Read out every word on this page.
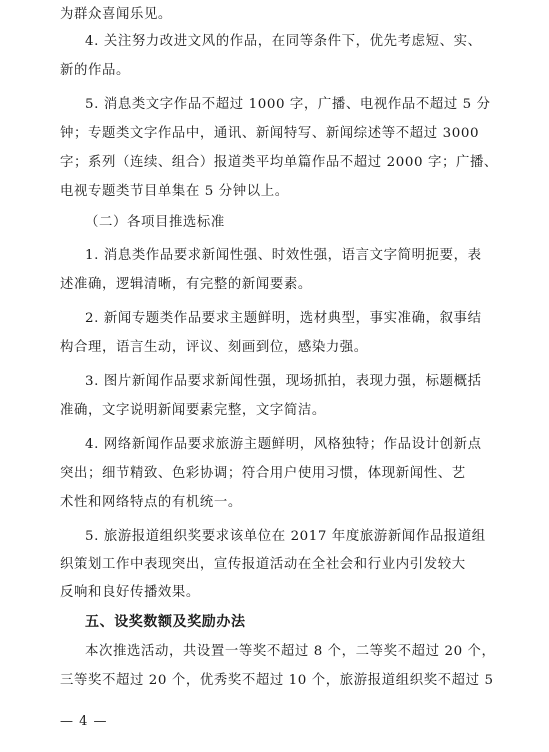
为群众喜闻乐见。
4. 关注努力改进文风的作品，在同等条件下，优先考虑短、实、
新的作品。
5. 消息类文字作品不超过 1000 字，广播、电视作品不超过 5 分
钟；专题类文字作品中，通讯、新闻特写、新闻综述等不超过 3000
字；系列（连续、组合）报道类平均单篇作品不超过 2000 字；广播、
电视专题类节目单集在 5 分钟以上。
（二）各项目推选标准
1. 消息类作品要求新闻性强、时效性强，语言文字简明扼要，表
述准确，逻辑清晰，有完整的新闻要素。
2. 新闻专题类作品要求主题鲜明，选材典型，事实准确，叙事结
构合理，语言生动，评议、刻画到位，感染力强。
3. 图片新闻作品要求新闻性强，现场抓拍，表现力强，标题概括
准确，文字说明新闻要素完整，文字简洁。
4. 网络新闻作品要求旅游主题鲜明，风格独特；作品设计创新点
突出；细节精致、色彩协调；符合用户使用习惯，体现新闻性、艺
术性和网络特点的有机统一。
5. 旅游报道组织奖要求该单位在 2017 年度旅游新闻作品报道组
织策划工作中表现突出，宣传报道活动在全社会和行业内引发较大
反响和良好传播效果。
五、设奖数额及奖励办法
本次推选活动，共设置一等奖不超过 8 个，二等奖不超过 20 个，
三等奖不超过 20 个，优秀奖不超过 10 个，旅游报道组织奖不超过 5
— 4 —
